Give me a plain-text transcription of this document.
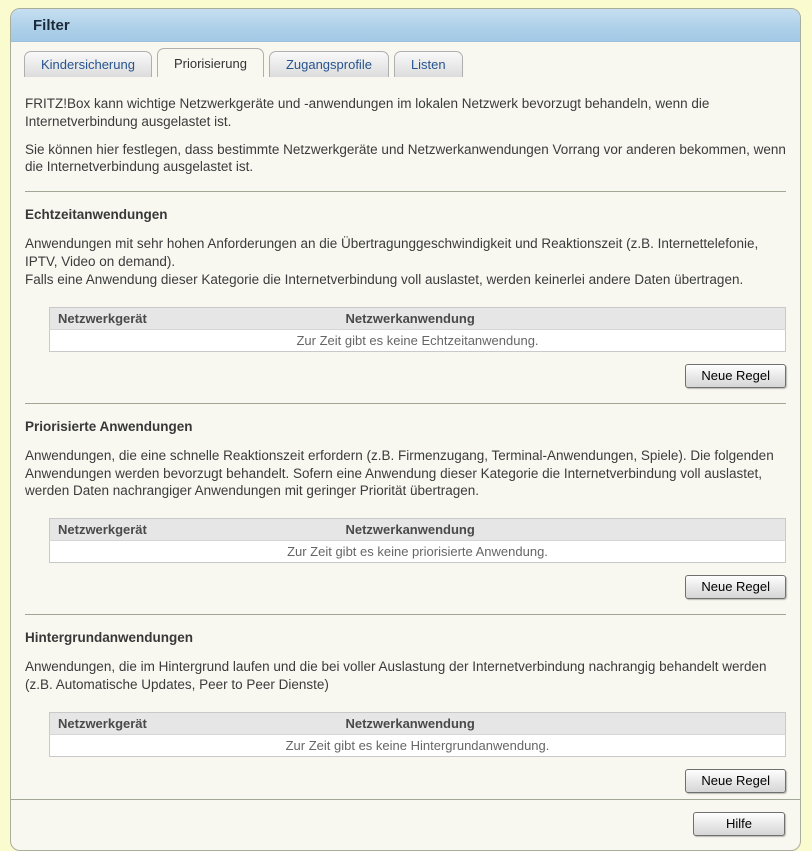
Filter
Kindersicherung	Priorisierung	Zugangsprofile	Listen

FRITZ!Box kann wichtige Netzwerkgeräte und -anwendungen im lokalen Netzwerk bevorzugt behandeln, wenn die Internetverbindung ausgelastet ist.

Sie können hier festlegen, dass bestimmte Netzwerkgeräte und Netzwerkanwendungen Vorrang vor anderen bekommen, wenn die Internetverbindung ausgelastet ist.

Echtzeitanwendungen
Anwendungen mit sehr hohen Anforderungen an die Übertragunggeschwindigkeit und Reaktionszeit (z.B. Internettelefonie, IPTV, Video on demand).
Falls eine Anwendung dieser Kategorie die Internetverbindung voll auslastet, werden keinerlei andere Daten übertragen.
Netzwerkgerät	Netzwerkanwendung	
Zur Zeit gibt es keine Echtzeitanwendung.
Neue Regel
Priorisierte Anwendungen
Anwendungen, die eine schnelle Reaktionszeit erfordern (z.B. Firmenzugang, Terminal-Anwendungen, Spiele). Die folgenden Anwendungen werden bevorzugt behandelt. Sofern eine Anwendung dieser Kategorie die Internetverbindung voll auslastet, werden Daten nachrangiger Anwendungen mit geringer Priorität übertragen.
Netzwerkgerät	Netzwerkanwendung	
Zur Zeit gibt es keine priorisierte Anwendung.
Neue Regel
Hintergrundanwendungen
Anwendungen, die im Hintergrund laufen und die bei voller Auslastung der Internetverbindung nachrangig behandelt werden (z.B. Automatische Updates, Peer to Peer Dienste)
Netzwerkgerät	Netzwerkanwendung	
Zur Zeit gibt es keine Hintergrundanwendung.
Neue Regel
Hilfe
